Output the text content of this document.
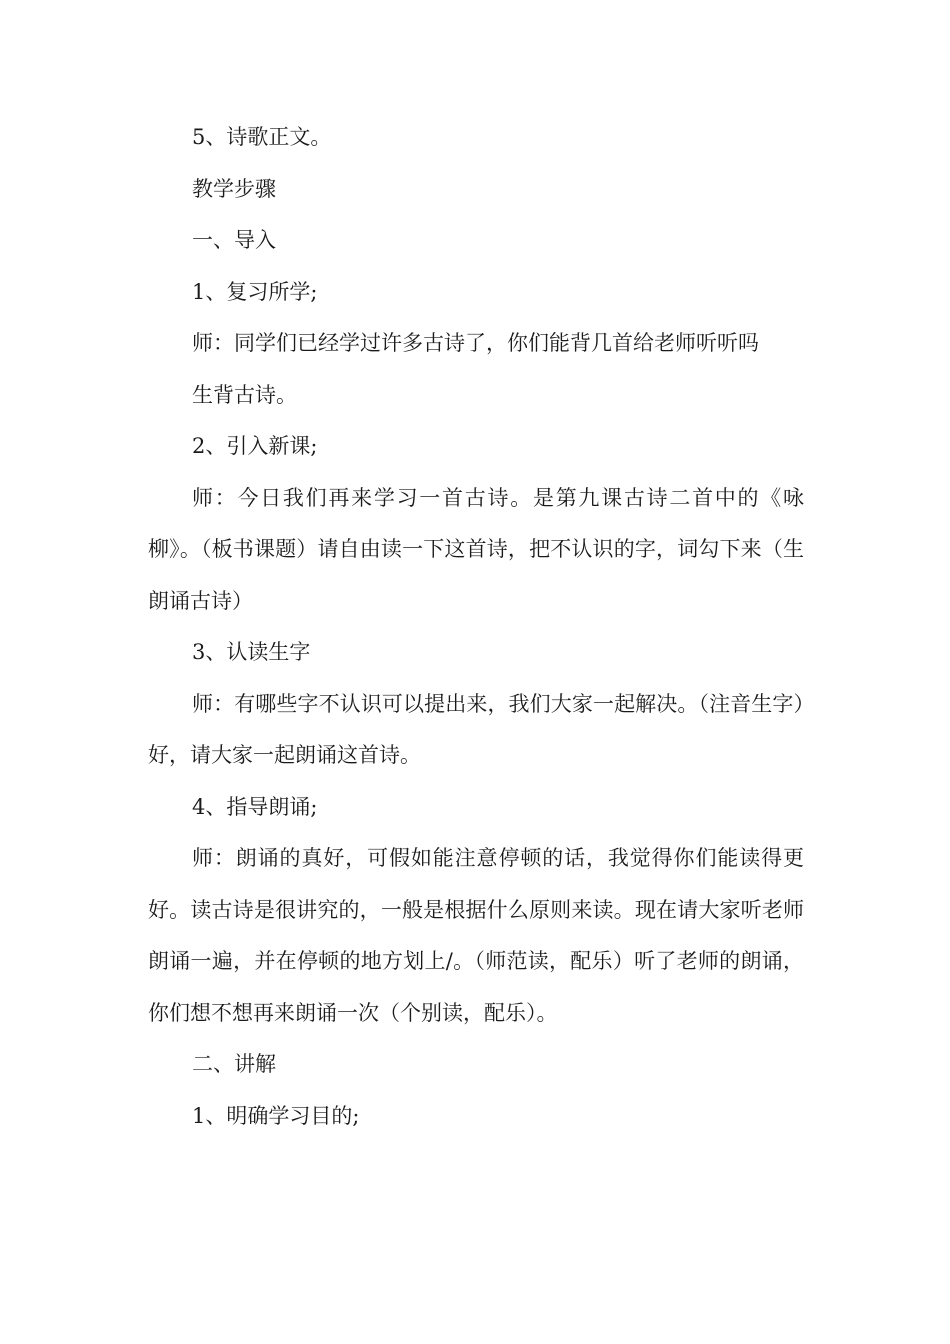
5、诗歌正文。

教学步骤

一、导入

1、复习所学;

师：同学们已经学过许多古诗了，你们能背几首给老师听听吗

生背古诗。

2、引入新课;

师：今日我们再来学习一首古诗。是第九课古诗二首中的《咏柳》。（板书课题）请自由读一下这首诗，把不认识的字，词勾下来（生朗诵古诗）

3、认读生字

师：有哪些字不认识可以提出来，我们大家一起解决。（注音生字）好，请大家一起朗诵这首诗。

4、指导朗诵;

师：朗诵的真好，可假如能注意停顿的话，我觉得你们能读得更好。读古诗是很讲究的，一般是根据什么原则来读。现在请大家听老师朗诵一遍，并在停顿的地方划上/。（师范读，配乐）听了老师的朗诵，你们想不想再来朗诵一次（个别读，配乐）。

二、讲解

1、明确学习目的;
